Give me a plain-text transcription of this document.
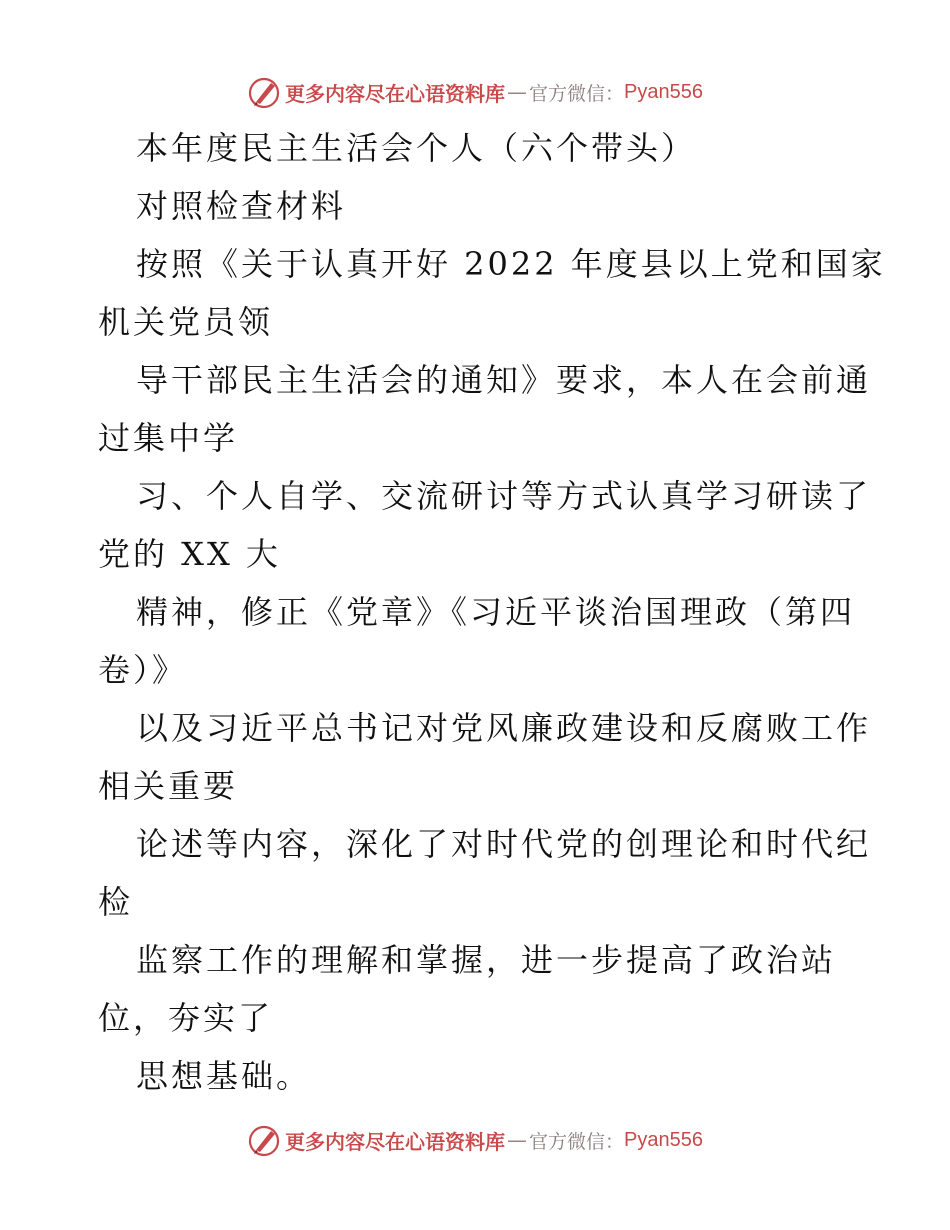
更多内容尽在心语资料库 — 官方微信： Pyan556
本年度民主生活会个人（六个带头）
对照检查材料
按照《关于认真开好 2022 年度县以上党和国家
机关党员领
导干部民主生活会的通知》要求，本人在会前通
过集中学
习、个人自学、交流研讨等方式认真学习研读了
党的 XX 大
精神，修正《党章》《习近平谈治国理政（第四
卷）》
以及习近平总书记对党风廉政建设和反腐败工作
相关重要
论述等内容，深化了对时代党的创理论和时代纪
检
监察工作的理解和掌握，进一步提高了政治站
位，夯实了
思想基础。
更多内容尽在心语资料库 — 官方微信： Pyan556
